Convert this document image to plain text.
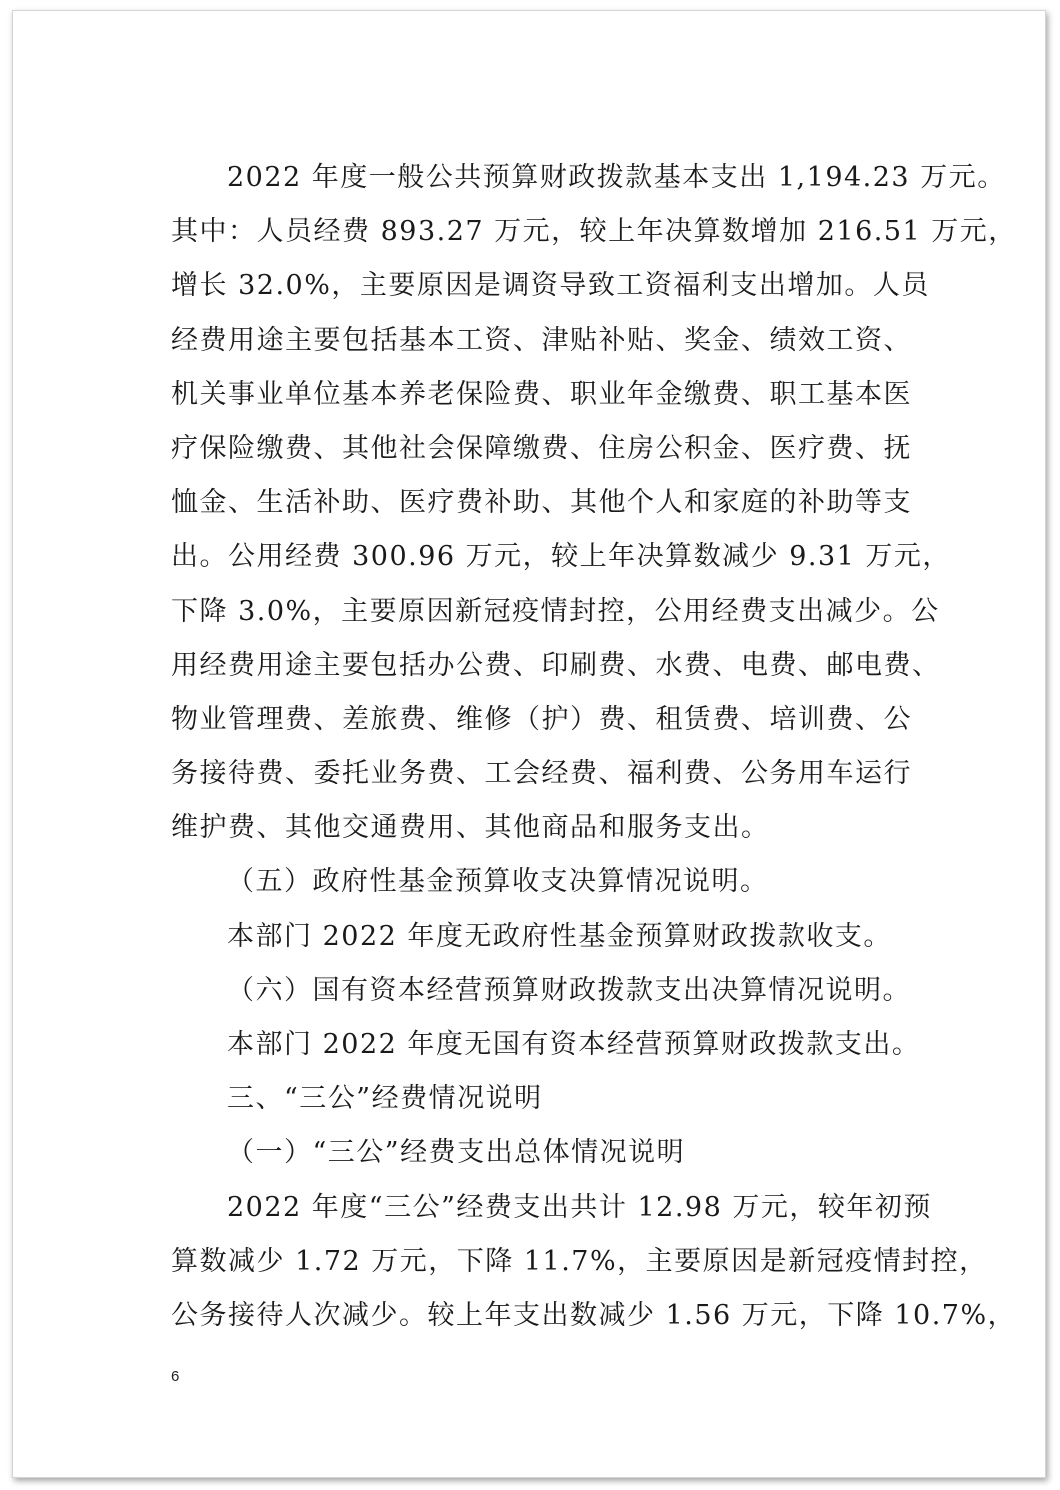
2022 年度一般公共预算财政拨款基本支出 1,194.23 万元。
其中：人员经费 893.27 万元，较上年决算数增加 216.51 万元，
增长 32.0%，主要原因是调资导致工资福利支出增加。人员
经费用途主要包括基本工资、津贴补贴、奖金、绩效工资、
机关事业单位基本养老保险费、职业年金缴费、职工基本医
疗保险缴费、其他社会保障缴费、住房公积金、医疗费、抚
恤金、生活补助、医疗费补助、其他个人和家庭的补助等支
出。公用经费 300.96 万元，较上年决算数减少 9.31 万元，
下降 3.0%，主要原因新冠疫情封控，公用经费支出减少。公
用经费用途主要包括办公费、印刷费、水费、电费、邮电费、
物业管理费、差旅费、维修（护）费、租赁费、培训费、公
务接待费、委托业务费、工会经费、福利费、公务用车运行
维护费、其他交通费用、其他商品和服务支出。
（五）政府性基金预算收支决算情况说明。
本部门 2022 年度无政府性基金预算财政拨款收支。
（六）国有资本经营预算财政拨款支出决算情况说明。
本部门 2022 年度无国有资本经营预算财政拨款支出。
三、“三公”经费情况说明
（一）“三公”经费支出总体情况说明
2022 年度“三公”经费支出共计 12.98 万元，较年初预
算数减少 1.72 万元，下降 11.7%，主要原因是新冠疫情封控，
公务接待人次减少。较上年支出数减少 1.56 万元，下降 10.7%，
6
